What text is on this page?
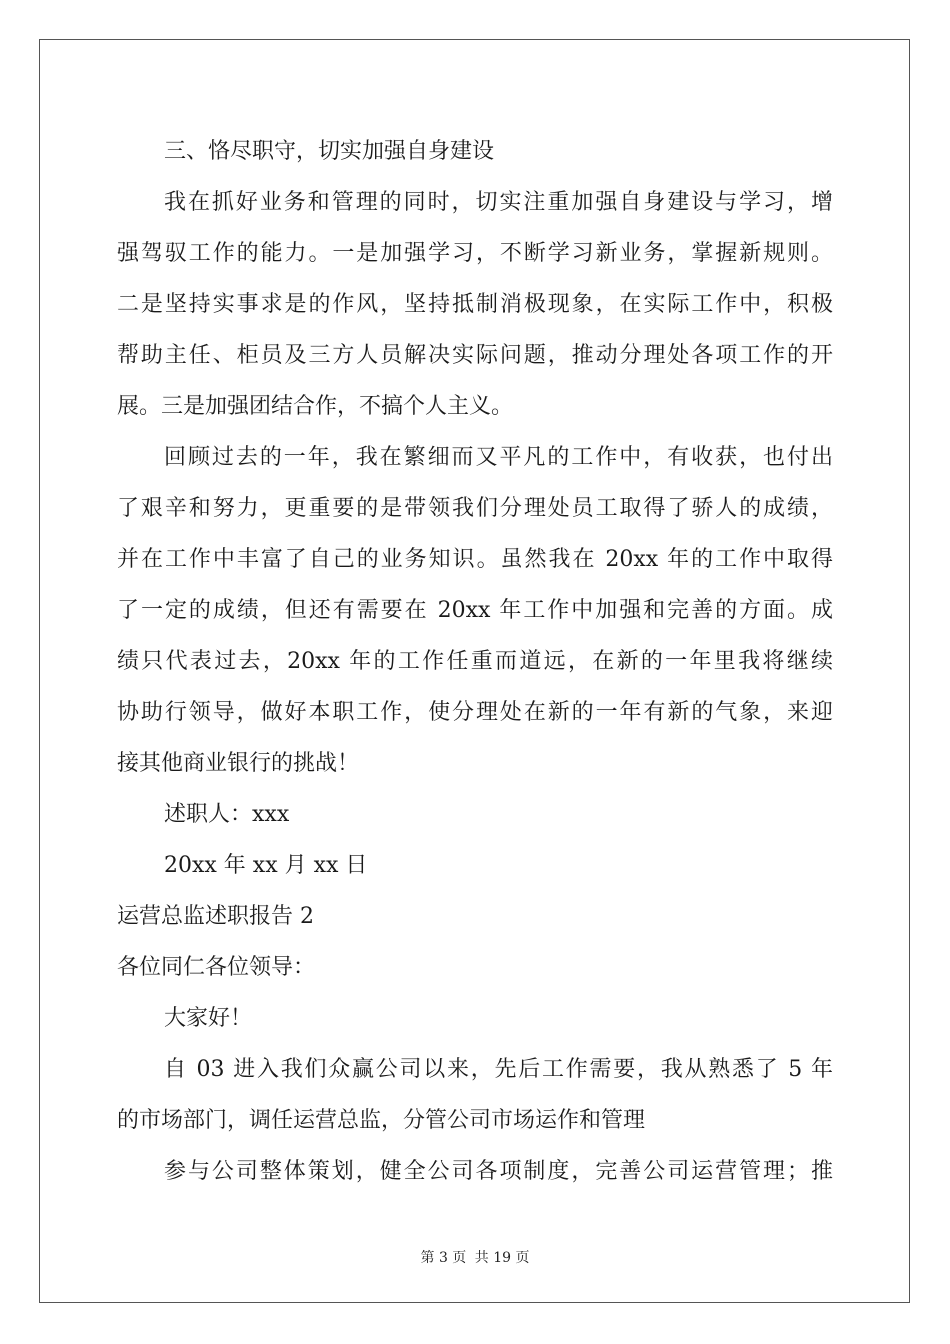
三、恪尽职守，切实加强自身建设
我在抓好业务和管理的同时，切实注重加强自身建设与学习，增
强驾驭工作的能力。一是加强学习，不断学习新业务，掌握新规则。
二是坚持实事求是的作风，坚持抵制消极现象，在实际工作中，积极
帮助主任、柜员及三方人员解决实际问题，推动分理处各项工作的开
展。三是加强团结合作，不搞个人主义。
回顾过去的一年，我在繁细而又平凡的工作中，有收获，也付出
了艰辛和努力，更重要的是带领我们分理处员工取得了骄人的成绩，
并在工作中丰富了自己的业务知识。虽然我在 20xx 年的工作中取得
了一定的成绩，但还有需要在 20xx 年工作中加强和完善的方面。成
绩只代表过去，20xx 年的工作任重而道远，在新的一年里我将继续
协助行领导，做好本职工作，使分理处在新的一年有新的气象，来迎
接其他商业银行的挑战！
述职人：xxx
20xx 年 xx 月 xx 日
运营总监述职报告 2
各位同仁各位领导：
大家好！
自 03 进入我们众赢公司以来，先后工作需要，我从熟悉了 5 年
的市场部门，调任运营总监，分管公司市场运作和管理
参与公司整体策划，健全公司各项制度，完善公司运营管理；推
第 3 页 共 19 页
